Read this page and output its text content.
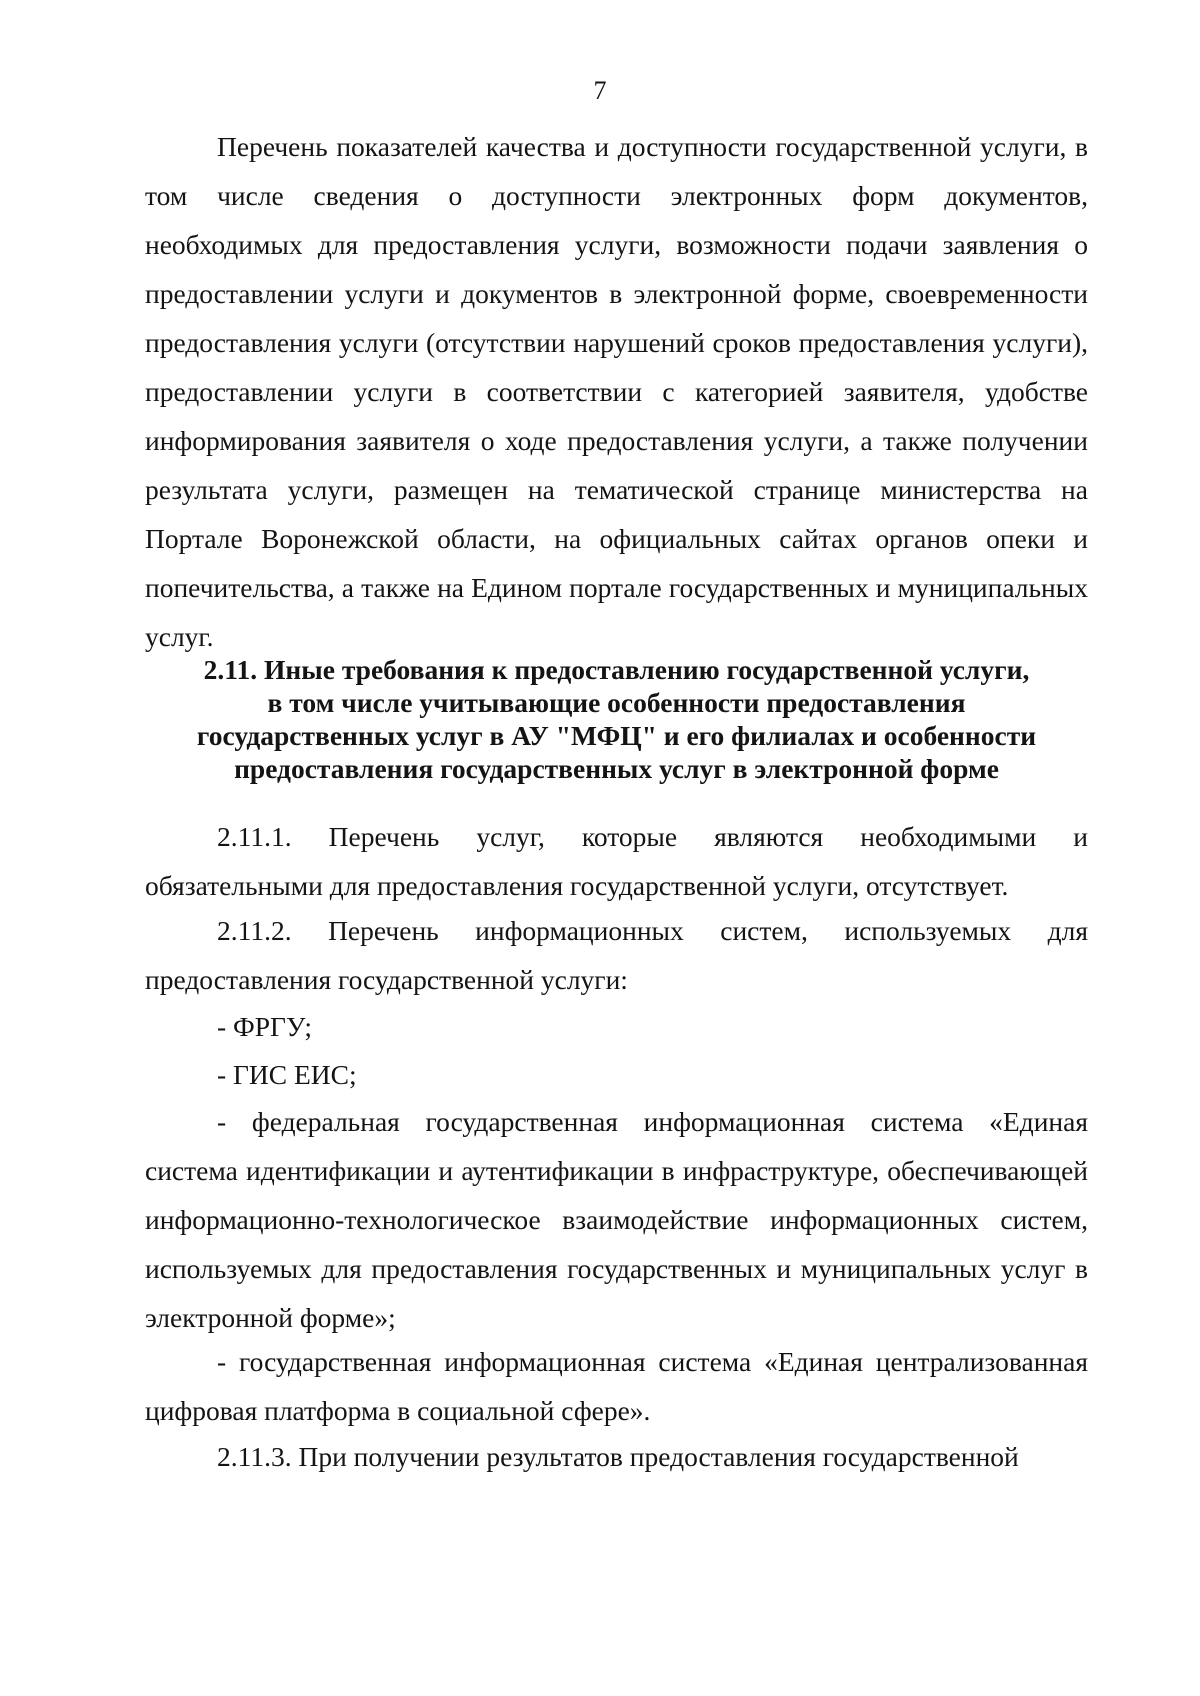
7

Перечень показателей качества и доступности государственной услуги, в том числе сведения о доступности электронных форм документов, необходимых для предоставления услуги, возможности подачи заявления о предоставлении услуги и документов в электронной форме, своевременности предоставления услуги (отсутствии нарушений сроков предоставления услуги), предоставлении услуги в соответствии с категорией заявителя, удобстве информирования заявителя о ходе предоставления услуги, а также получении результата услуги, размещен на тематической странице министерства на Портале Воронежской области, на официальных сайтах органов опеки и попечительства, а также на Едином портале государственных и муниципальных услуг.

2.11. Иные требования к предоставлению государственной услуги,
в том числе учитывающие особенности предоставления
государственных услуг в АУ "МФЦ" и его филиалах и особенности
предоставления государственных услуг в электронной форме

2.11.1. Перечень услуг, которые являются необходимыми и обязательными для предоставления государственной услуги, отсутствует.

2.11.2. Перечень информационных систем, используемых для предоставления государственной услуги:

- ФРГУ;

- ГИС ЕИС;

- федеральная государственная информационная система «Единая система идентификации и аутентификации в инфраструктуре, обеспечивающей информационно-технологическое взаимодействие информационных систем, используемых для предоставления государственных и муниципальных услуг в электронной форме»;

- государственная информационная система «Единая централизованная цифровая платформа в социальной сфере».

2.11.3. При получении результатов предоставления государственной
